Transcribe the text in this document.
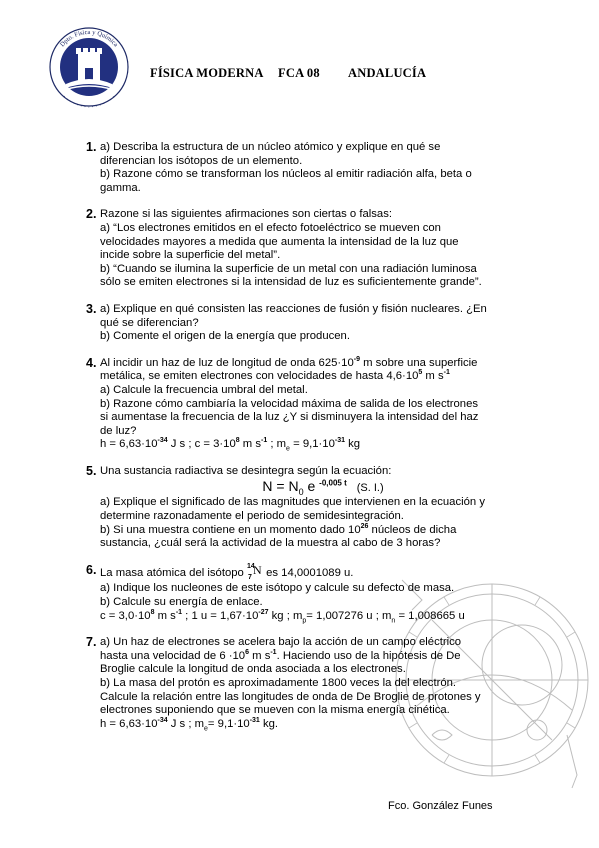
Dpto. Física y Química
· · · · · · · · · · · · · · ·
FÍSICA MODERNA FCA 08 ANDALUCÍA
1. a) Describa la estructura de un núcleo atómico y explique en qué se
diferencian los isótopos de un elemento.
b) Razone cómo se transforman los núcleos al emitir radiación alfa, beta o
gamma.
2. Razone si las siguientes afirmaciones son ciertas o falsas:
a) “Los electrones emitidos en el efecto fotoeléctrico se mueven con
velocidades mayores a medida que aumenta la intensidad de la luz que
incide sobre la superficie del metal”.
b) “Cuando se ilumina la superficie de un metal con una radiación luminosa
sólo se emiten electrones si la intensidad de luz es suficientemente grande”.
3. a) Explique en qué consisten las reacciones de fusión y fisión nucleares. ¿En
qué se diferencian?
b) Comente el origen de la energía que producen.
4. Al incidir un haz de luz de longitud de onda $625\cdot 10^{-9}$ m sobre una superficie
metálica, se emiten electrones con velocidades de hasta $4,6\cdot 10^5$ m $s^{-1}$
a) Calcule la frecuencia umbral del metal.
b) Razone cómo cambiaría la velocidad máxima de salida de los electrones
si aumentase la frecuencia de la luz ¿Y si disminuyera la intensidad del haz
de luz?
$h = 6,63\cdot 10^{-34}$ J s ; $c = 3\cdot 10^8$ m $s^{-1}$ ; $m_e = 9,1\cdot 10^{-31}$ kg
5. Una sustancia radiactiva se desintegra según la ecuación:
$N = N_0$ e $^{-0,005 t}$ (S. I.)
a) Explique el significado de las magnitudes que intervienen en la ecuación y
determine razonadamente el periodo de semidesintegración.
b) Si una muestra contiene en un momento dado $10^{26}$ núcleos de dicha
sustancia, ¿cuál será la actividad de la muestra al cabo de 3 horas?
6. La masa atómica del isótopo
14
7
N es 14,0001089 u.
a) Indique los nucleones de este isótopo y calcule su defecto de masa.
b) Calcule su energía de enlace.
$c = 3,0\cdot 10^8$ m $s^{-1}$ ; 1 $u = 1,67\cdot 10^{-27}$ kg ; $m_p= 1,007276$ u ; $m_n = 1,008665$ u
7. a) Un haz de electrones se acelera bajo la acción de un campo eléctrico
hasta una velocidad de $6 \cdot 10^6$ m $s^{-1}$. Haciendo uso de la hipótesis de De
Broglie calcule la longitud de onda asociada a los electrones.
b) La masa del protón es aproximadamente 1800 veces la del electrón.
Calcule la relación entre las longitudes de onda de De Broglie de protones y
electrones suponiendo que se mueven con la misma energía cinética.
$h = 6,63\cdot 10^{-34}$ J s ; $m_e= 9,1\cdot 10^{-31}$ kg.
Fco. González Funes
